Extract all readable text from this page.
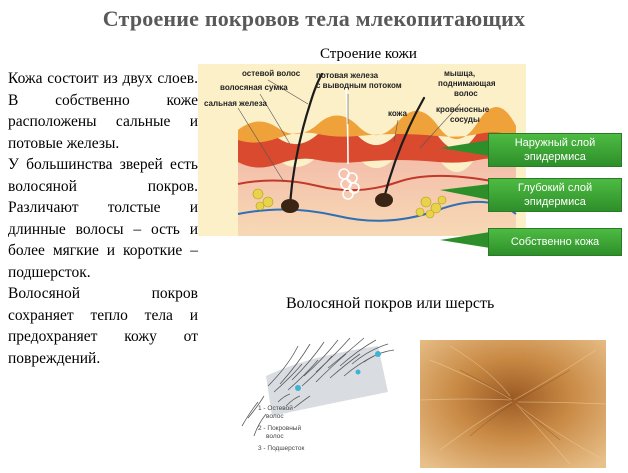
Строение покровов тела млекопитающих
Строение кожи

Кожа состоит из двух слоев. В собственно коже расположены сальные и потовые железы.

У большинства зверей есть волосяной покров. Различают толстые и длинные волосы – ость и более мягкие и короткие – подшерсток.

Волосяной покров сохраняет тепло тела и предохраняет кожу от повреждений.

остевой волос
волосяная сумка
сальная железа
потовая железа
с выводным потоком
кожа
мышца,
поднимающая
волос
кровеносные
сосуды
Наружный слой
эпидермиса
Глубокий слой
эпидермиса
Собственно кожа
Волосяной покров или шерсть
1 - Остевой
волос
2 - Покровный
волос
3 - Подшерсток
